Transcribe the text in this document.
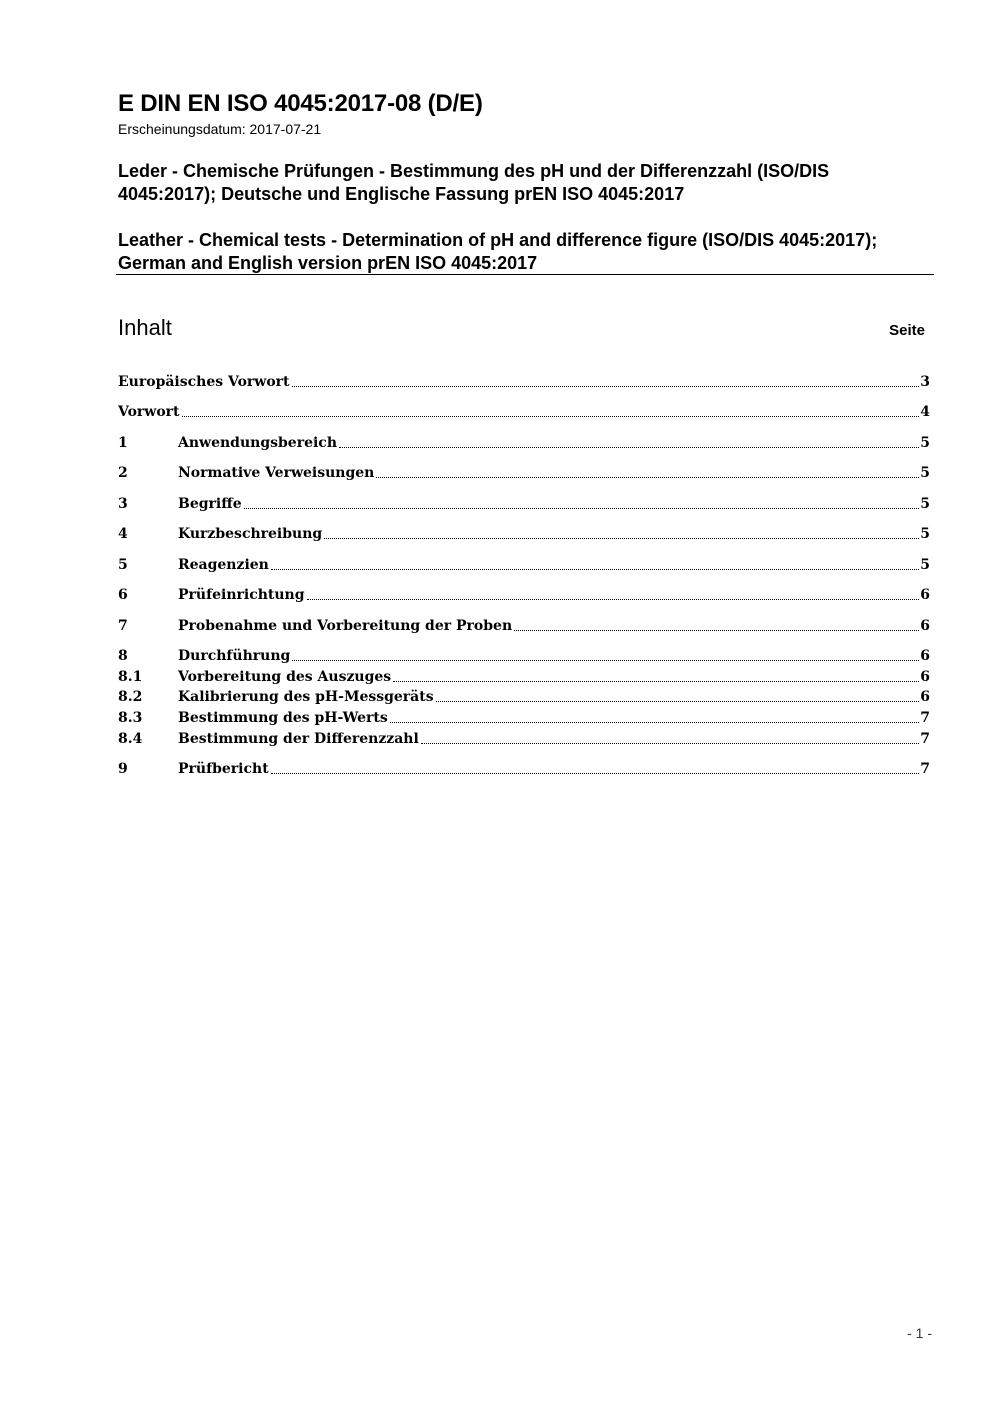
E DIN EN ISO 4045:2017-08 (D/E)
Erscheinungsdatum: 2017-07-21
Leder - Chemische Prüfungen - Bestimmung des pH und der Differenzzahl (ISO/DIS 4045:2017); Deutsche und Englische Fassung prEN ISO 4045:2017
Leather - Chemical tests - Determination of pH and difference figure (ISO/DIS 4045:2017); German and English version prEN ISO 4045:2017
Inhalt	Seite
Europäisches Vorwort	3
Vorwort	4
1	Anwendungsbereich	5
2	Normative Verweisungen	5
3	Begriffe	5
4	Kurzbeschreibung	5
5	Reagenzien	5
6	Prüfeinrichtung	6
7	Probenahme und Vorbereitung der Proben	6
8	Durchführung	6
8.1	Vorbereitung des Auszuges	6
8.2	Kalibrierung des pH-Messgeräts	6
8.3	Bestimmung des pH-Werts	7
8.4	Bestimmung der Differenzzahl	7
9	Prüfbericht	7
- 1 -
